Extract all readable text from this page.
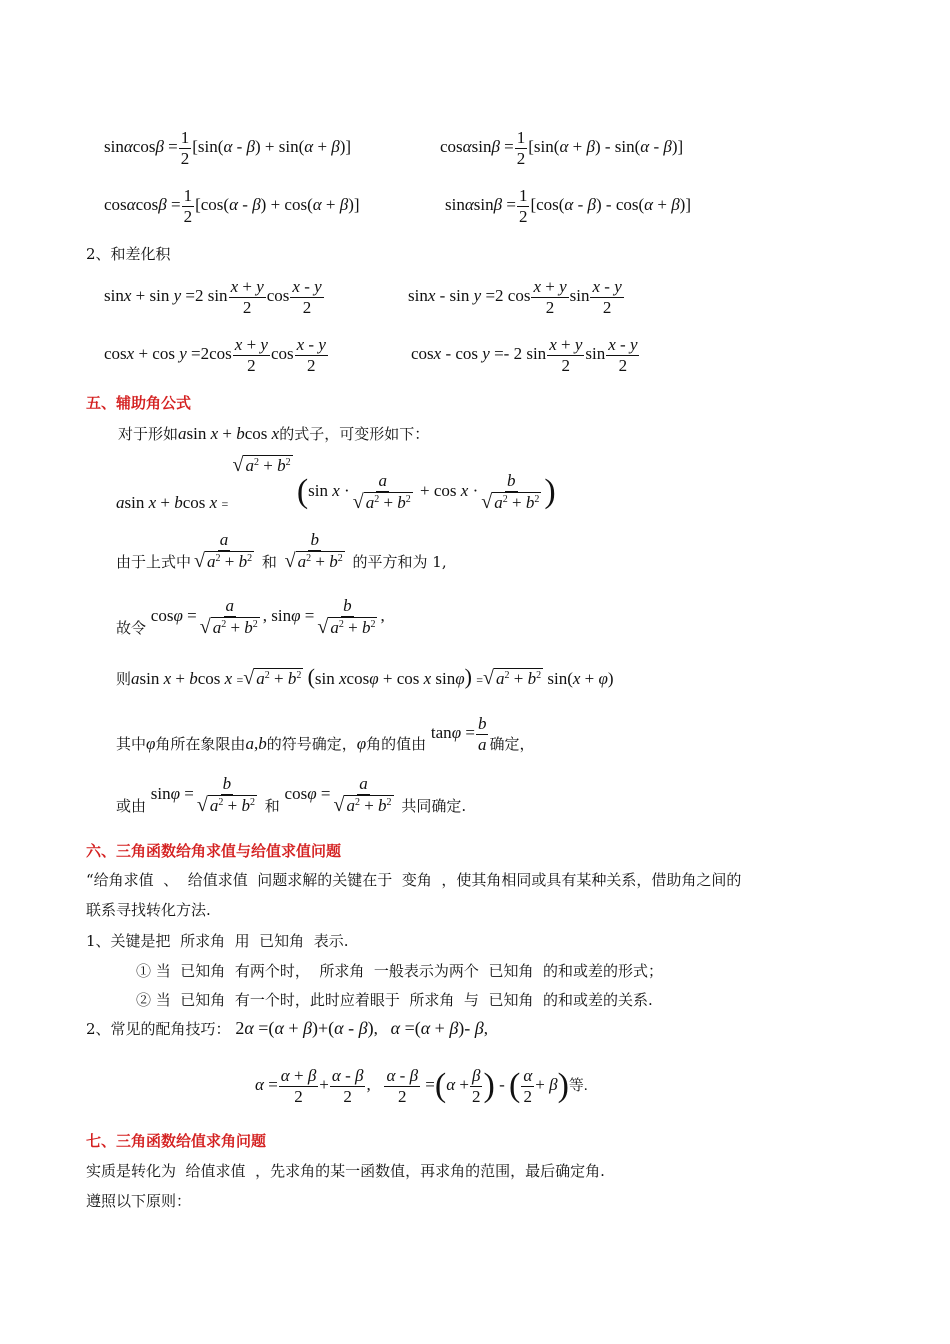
$\sin\alpha\cos\beta = \frac{1}{2} [\sin(\alpha - \beta) + \sin(\alpha + \beta)]$	$\cos\alpha\sin\beta = \frac{1}{2} [\sin(\alpha + \beta) - \sin(\alpha - \beta)]$
$\cos\alpha\cos\beta = \frac{1}{2} [\cos(\alpha - \beta) + \cos(\alpha + \beta)]$	$\sin\alpha\sin\beta = \frac{1}{2} [\cos(\alpha - \beta) - \cos(\alpha + \beta)]$
2、和差化积
sinx + sin y =2 $\sin \frac{x + y}{2}$ $\cos \frac{x - y}{2}$	sinx - sin y =2 $\cos \frac{x + y}{2}$ $\sin \frac{x - y}{2}$
$\cos x + \cos y =2\cos \frac{x + y}{2}$ $\cos \frac{x - y}{2}$	cosx - cos y =- 2 $\sin \frac{x + y}{2}$ $\sin \frac{x - y}{2}$
五、辅助角公式
对于形如asin x + bcos x的式子，可变形如下：
asin x + bcos x =
√ $a^2 + b^2$
(sin $x \cdot \frac{a}{√ a^2 + b^2} + \cos x \cdot \frac{b}{√ a^2 + b^2}$ )
由于上式中 $\frac{a}{√ a^2 + b^2}$ 和 $\frac{b}{√ a^2 + b^2}$ 的平方和为 1,
故令 $\cos\varphi = \frac{a}{√ a^2 + b^2}$ , $\sin\varphi = \frac{b}{√ a^2 + b^2}$ ,
则asin x + bcos x = √ $a^2 + b^2$ (sin xcosφ + cos x sinφ) = √ $a^2 + b^2$ sin(x + φ)
其中φ角所在象限由a,b的符号确定，φ角的值由 $\tan\varphi = \frac{b}{a}$ 确定，
或由 $\sin\varphi = \frac{b}{√ a^2 + b^2}$ 和 $\cos\varphi = \frac{a}{√ a^2 + b^2}$ 共同确定.
六、三角函数给角求值与给值求值问题
“给角求值  、  给值求值  问题求解的关键在于  变角  ，使其角相同或具有某种关系，借助角之间的
联系寻找转化方法.
1、关键是把  所求角  用  已知角  表示.
① 当  已知角  有两个时，  所求角  一般表示为两个  已知角  的和或差的形式；
② 当  已知角  有一个时，此时应着眼于  所求角  与  已知角  的和或差的关系.
2、常见的配角技巧： 2α =(α + β)+(α - β), α =(α + β)- β,
$\alpha = \frac{\alpha + \beta}{2} + \frac{\alpha - \beta}{2}$ , $\frac{\alpha - \beta}{2} =(\alpha + \frac{\beta}{2}$ ) - ( $\frac{\alpha}{2} + \beta$)等.
七、三角函数给值求角问题
实质是转化为  给值求值  ，先求角的某一函数值，再求角的范围，最后确定角.
遵照以下原则：
